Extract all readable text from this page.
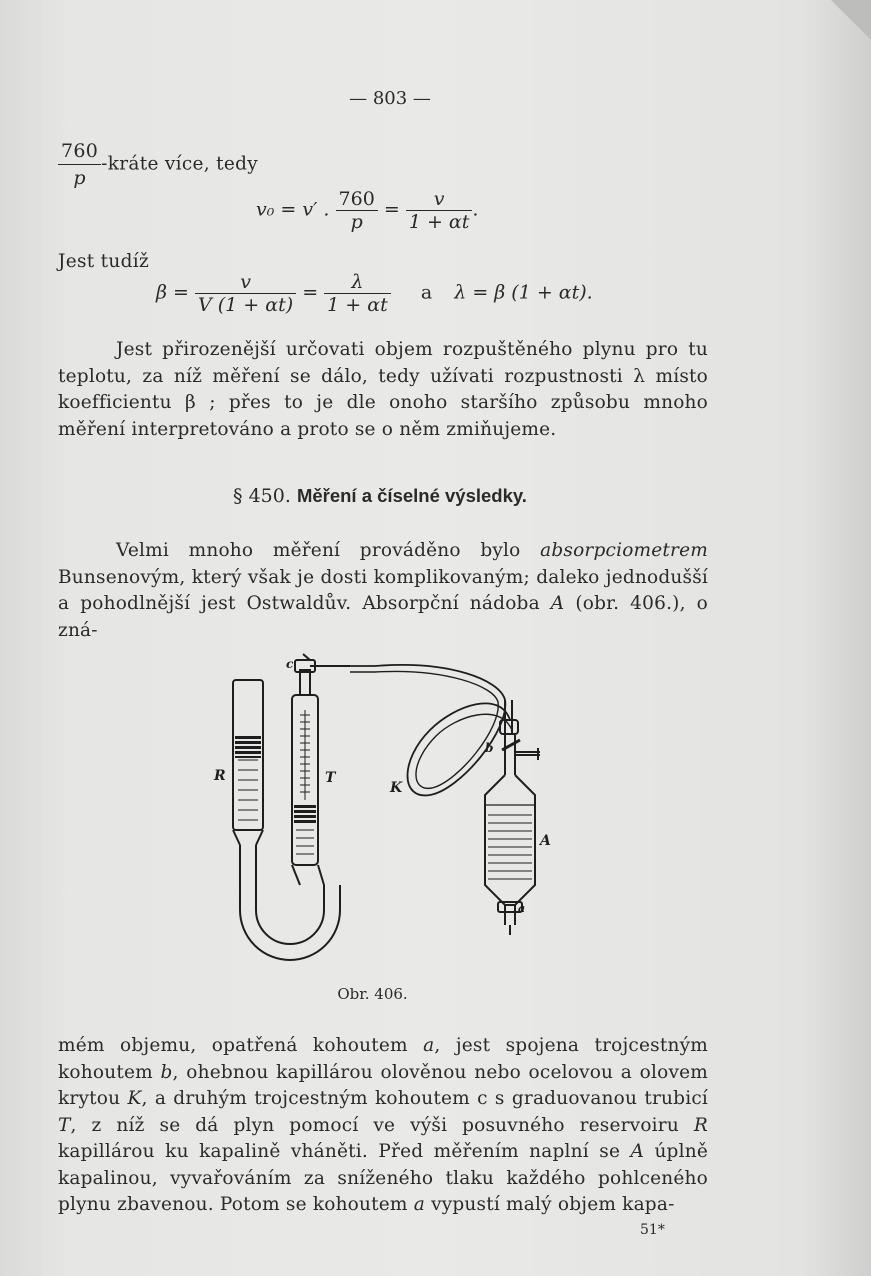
— 803 —
$\frac{760}{p}$ -kráte více, tedy
v₀ = v′ . $\frac{760}{p} = \frac{v}{1 + \alpha t}$ .
Jest tudíž
$\beta = \frac{v}{V (1 + \alpha t)} = \frac{\lambda}{1 + \alpha t}$ a λ = β (1 + αt).
Jest přirozenější určovati objem rozpuštěného plynu pro tu teplotu, za níž měření se dálo, tedy užívati rozpustnosti λ místo koefficientu β ; přes to je dle onoho staršího způsobu mnoho měření interpretováno a proto se o něm zmiňujeme.
§ 450. Měření a číselné výsledky.
Velmi mnoho měření prováděno bylo absorpciometrem Bunsenovým, který však je dosti komplikovaným; daleko jednodušší a pohodlnější jest Ostwaldův. Absorpční nádoba A (obr. 406.), o zná-
R	T
K
A
a
b
c
Obr. 406.
mém objemu, opatřená kohoutem a, jest spojena trojcestným kohoutem b, ohebnou kapillárou olověnou nebo ocelovou a olovem krytou K, a druhým trojcestným kohoutem c s graduovanou trubicí T, z níž se dá plyn pomocí ve výši posuvného reservoiru R kapillárou ku kapalině vháněti. Před měřením naplní se A úplně kapalinou, vyvařováním za sníženého tlaku každého pohlceného plynu zbavenou. Potom se kohoutem a vypustí malý objem kapa-
51*
